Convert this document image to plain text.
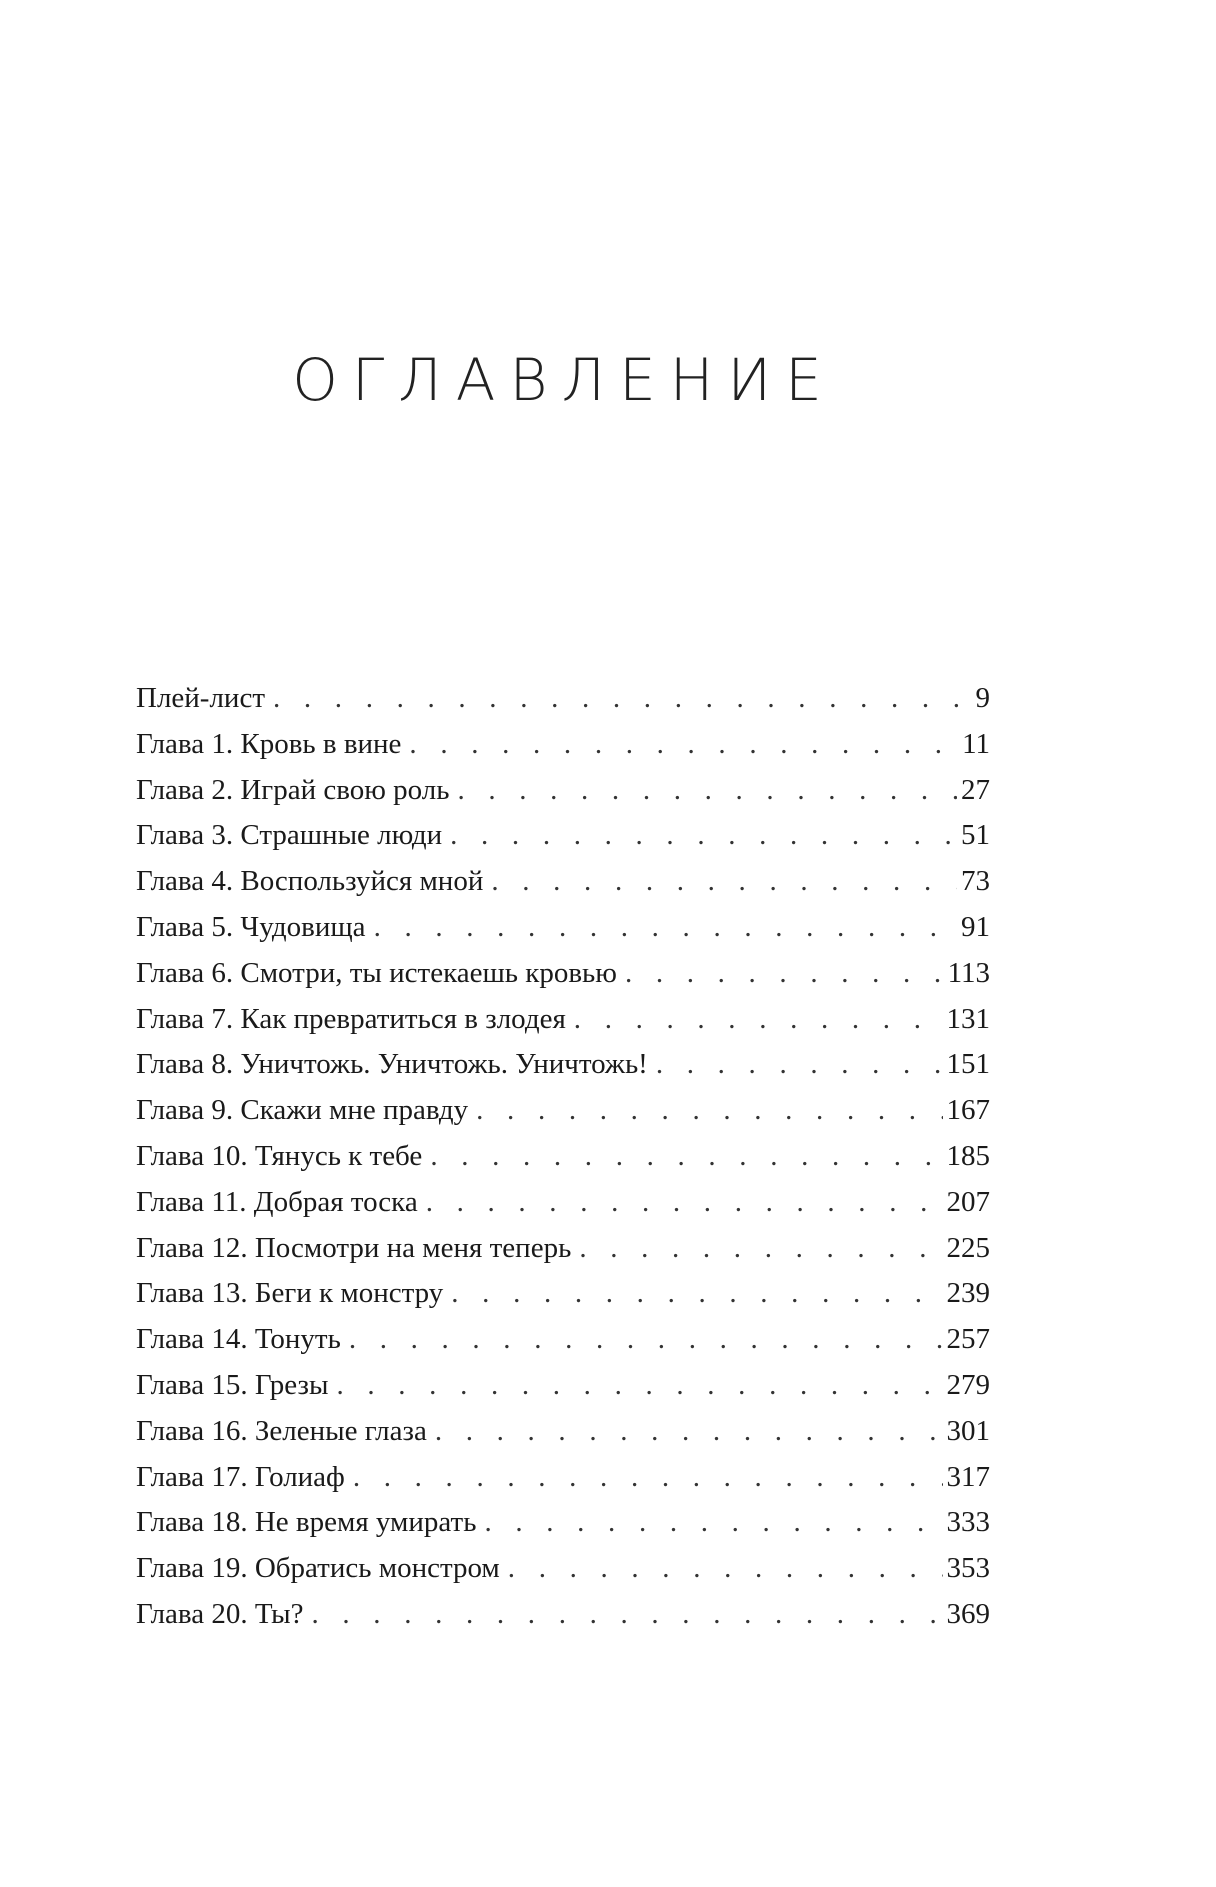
ОГЛАВЛЕНИЕ
Плей-лист . . .	9
Глава 1. Кровь в вине . . .	11
Глава 2. Играй свою роль . . .	27
Глава 3. Страшные люди . . .	51
Глава 4. Воспользуйся мной . . .	73
Глава 5. Чудовища . . .	91
Глава 6. Смотри, ты истекаешь кровью . . .	113
Глава 7. Как превратиться в злодея . . .	131
Глава 8. Уничтожь. Уничтожь. Уничтожь! . . .	151
Глава 9. Скажи мне правду . . .	167
Глава 10. Тянусь к тебе . . .	185
Глава 11. Добрая тоска . . .	207
Глава 12. Посмотри на меня теперь . . .	225
Глава 13. Беги к монстру . . .	239
Глава 14. Тонуть . . .	257
Глава 15. Грезы . . .	279
Глава 16. Зеленые глаза . . .	301
Глава 17. Голиаф . . .	317
Глава 18. Не время умирать . . .	333
Глава 19. Обратись монстром . . .	353
Глава 20. Ты? . . .	369
